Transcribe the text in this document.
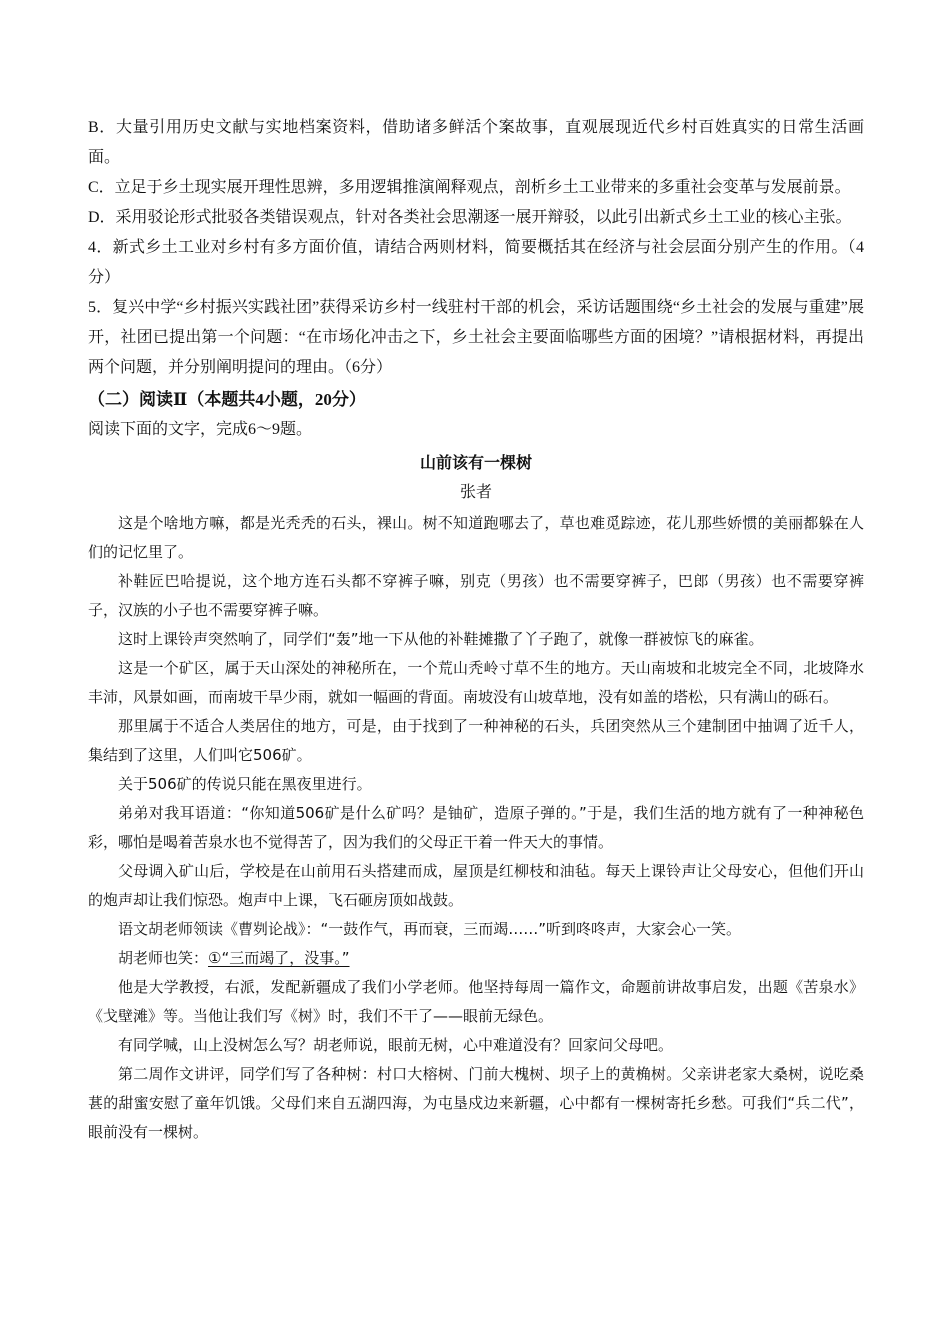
B．大量引用历史文献与实地档案资料，借助诸多鲜活个案故事，直观展现近代乡村百姓真实的日常生活画面。

C．立足于乡土现实展开理性思辨，多用逻辑推演阐释观点，剖析乡土工业带来的多重社会变革与发展前景。

D．采用驳论形式批驳各类错误观点，针对各类社会思潮逐一展开辩驳，以此引出新式乡土工业的核心主张。

4．新式乡土工业对乡村有多方面价值，请结合两则材料，简要概括其在经济与社会层面分别产生的作用。（4分）

5．复兴中学“乡村振兴实践社团”获得采访乡村一线驻村干部的机会，采访话题围绕“乡土社会的发展与重建”展开，社团已提出第一个问题：“在市场化冲击之下，乡土社会主要面临哪些方面的困境？”请根据材料，再提出两个问题，并分别阐明提问的理由。（6分）

（二）阅读Ⅱ（本题共4小题，20分）

阅读下面的文字，完成6～9题。

山前该有一棵树

张者

这是个啥地方嘛，都是光秃秃的石头，裸山。树不知道跑哪去了，草也难觅踪迹，花儿那些娇惯的美丽都躲在人们的记忆里了。

补鞋匠巴哈提说，这个地方连石头都不穿裤子嘛，别克（男孩）也不需要穿裤子，巴郎（男孩）也不需要穿裤子，汉族的小子也不需要穿裤子嘛。

这时上课铃声突然响了，同学们“轰”地一下从他的补鞋摊撒了丫子跑了，就像一群被惊飞的麻雀。

这是一个矿区，属于天山深处的神秘所在，一个荒山秃岭寸草不生的地方。天山南坡和北坡完全不同，北坡降水丰沛，风景如画，而南坡干旱少雨，就如一幅画的背面。南坡没有山坡草地，没有如盖的塔松，只有满山的砾石。

那里属于不适合人类居住的地方，可是，由于找到了一种神秘的石头，兵团突然从三个建制团中抽调了近千人，集结到了这里，人们叫它506矿。

关于506矿的传说只能在黑夜里进行。

弟弟对我耳语道：“你知道506矿是什么矿吗？是铀矿，造原子弹的。”于是，我们生活的地方就有了一种神秘色彩，哪怕是喝着苦泉水也不觉得苦了，因为我们的父母正干着一件天大的事情。

父母调入矿山后，学校是在山前用石头搭建而成，屋顶是红柳枝和油毡。每天上课铃声让父母安心，但他们开山的炮声却让我们惊恐。炮声中上课，飞石砸房顶如战鼓。

语文胡老师领读《曹刿论战》：“一鼓作气，再而衰，三而竭……”听到咚咚声，大家会心一笑。

胡老师也笑：①“三而竭了，没事。”

他是大学教授，右派，发配新疆成了我们小学老师。他坚持每周一篇作文，命题前讲故事启发，出题《苦泉水》《戈壁滩》等。当他让我们写《树》时，我们不干了——眼前无绿色。

有同学喊，山上没树怎么写？胡老师说，眼前无树，心中难道没有？回家问父母吧。

第二周作文讲评，同学们写了各种树：村口大榕树、门前大槐树、坝子上的黄桷树。父亲讲老家大桑树，说吃桑葚的甜蜜安慰了童年饥饿。父母们来自五湖四海，为屯垦戍边来新疆，心中都有一棵树寄托乡愁。可我们“兵二代”，眼前没有一棵树。
